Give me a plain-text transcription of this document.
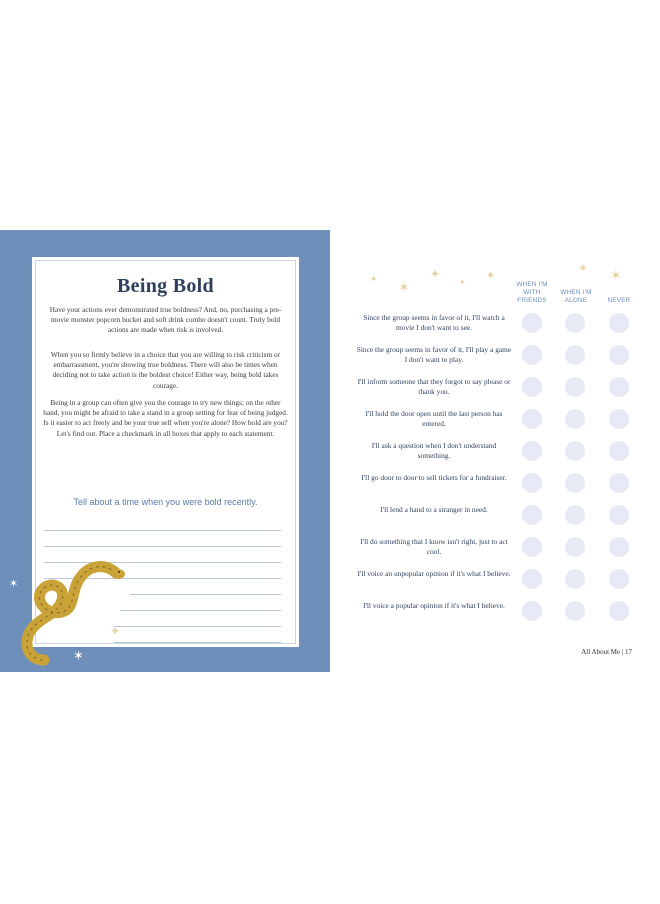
Being Bold

Have your actions ever demonstrated true boldness? And, no, purchasing a pre-movie monster popcorn bucket and soft drink combo doesn't count. Truly bold actions are made when risk is involved.

When you so firmly believe in a choice that you are willing to risk criticism or embarrassment, you're showing true boldness. There will also be times when deciding not to take action is the boldest choice! Either way, being bold takes courage.

Being in a group can often give you the courage to try new things; on the other hand, you might be afraid to take a stand in a group setting for fear of being judged. Is it easier to act freely and be your true self when you're alone? How bold are you? Let's find out. Place a checkmark in all boxes that apply to each statement.

Tell about a time when you were bold recently.
✶
✶
✦
✦ ✶
✦
✦
✦
✶ ✶
WHEN I'M WITH FRIENDS
WHEN I'M ALONE	NEVER
Since the group seems in favor of it, I'll watch a movie I don't want to see.
Since the group seems in favor of it, I'll play a game I don't want to play.
I'll inform someone that they forgot to say please or thank you.
I'll hold the door open until the last person has entered.
I'll ask a question when I don't understand something.
I'll go door to door to sell tickets for a fundraiser.
I'll lend a hand to a stranger in need.
I'll do something that I know isn't right, just to act cool.
I'll voice an unpopular opinion if it's what I believe.
I'll voice a popular opinion if it's what I believe.
All About Me | 17
